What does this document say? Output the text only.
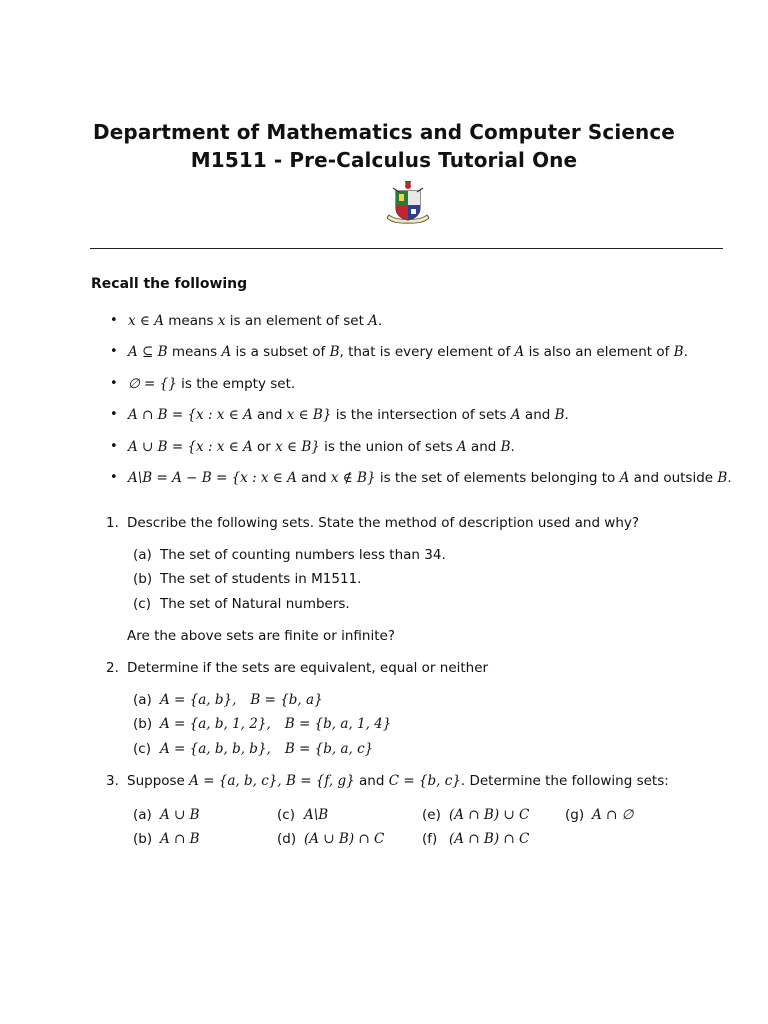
Department of Mathematics and Computer Science
M1511 - Pre-Calculus Tutorial One
Recall the following
• x ∈ A means x is an element of set A.
• A ⊆ B means A is a subset of B, that is every element of A is also an element of B.
• ∅ = {} is the empty set.
• A ∩ B = {x : x ∈ A and x ∈ B} is the intersection of sets A and B.
• A ∪ B = {x : x ∈ A or x ∈ B} is the union of sets A and B.
• A\B = A − B = {x : x ∈ A and x ∉ B} is the set of elements belonging to A and outside B.
1. Describe the following sets. State the method of description used and why?
(a) The set of counting numbers less than 34.
(b) The set of students in M1511.
(c) The set of Natural numbers.
Are the above sets are finite or infinite?
2. Determine if the sets are equivalent, equal or neither
(a) A = {a, b}, B = {b, a}
(b) A = {a, b, 1, 2}, B = {b, a, 1, 4}
(c) A = {a, b, b, b}, B = {b, a, c}
3. Suppose A = {a, b, c}, B = {f, g} and C = {b, c}. Determine the following sets:
(a) A ∪ B
(b) A ∩ B
(c) A\B
(d) (A ∪ B) ∩ C
(e) (A ∩ B) ∪ C
(f) (A ∩ B) ∩ C
(g) A ∩ ∅
